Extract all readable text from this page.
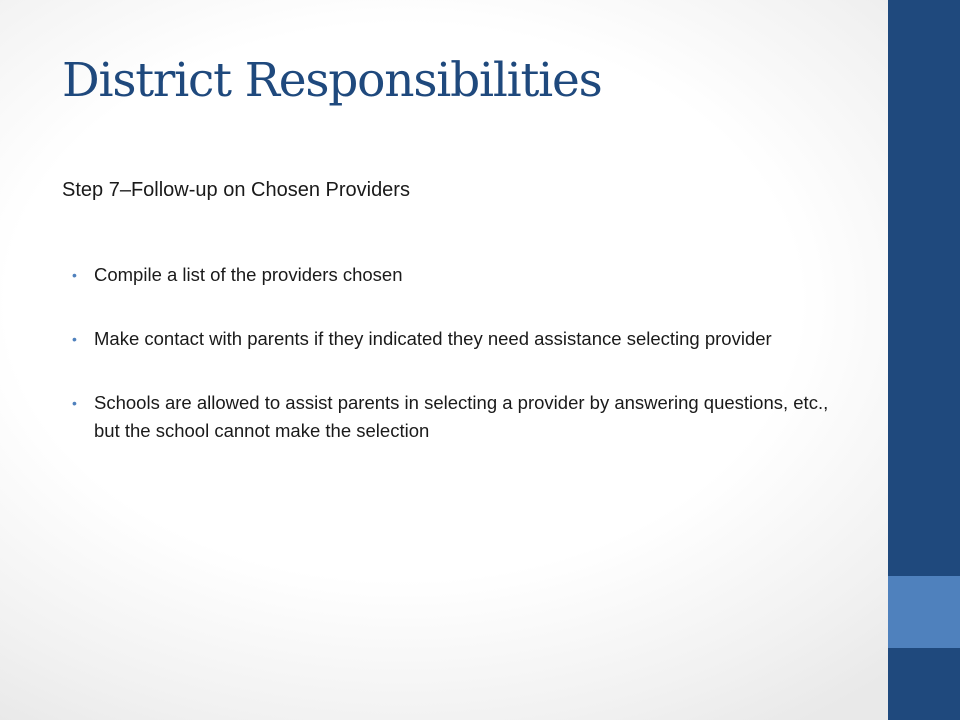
District Responsibilities

Step 7–Follow-up on Chosen Providers

• Compile a list of the providers chosen
• Make contact with parents if they indicated they need assistance selecting provider
• Schools are allowed to assist parents in selecting a provider by answering questions, etc., but the school cannot make the selection
